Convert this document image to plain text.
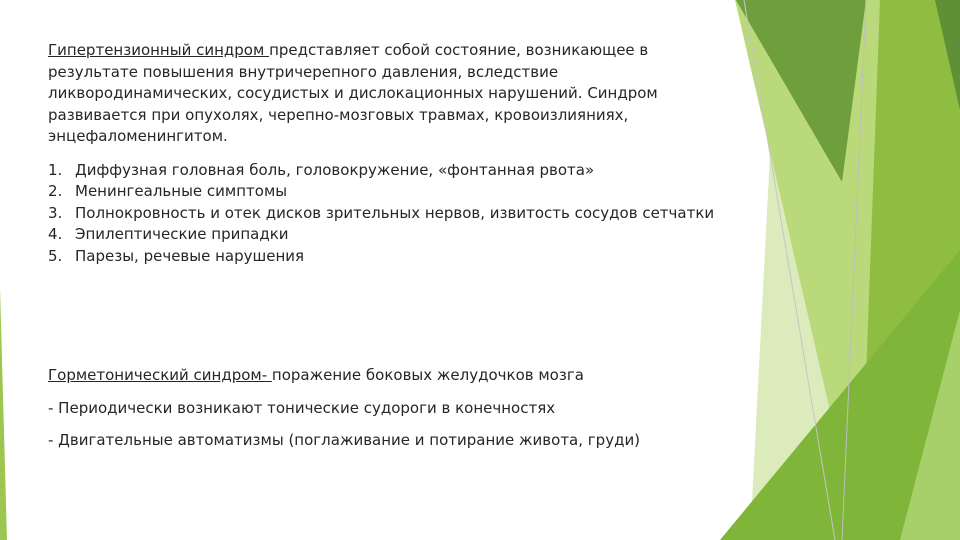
Гипертензионный синдром представляет собой состояние, возникающее в результате повышения внутричерепного давления, вследствие ликвородинамических, сосудистых и дислокационных нарушений. Синдром развивается при опухолях, черепно-мозговых травмах, кровоизлияниях, энцефаломенингитом.

1. Диффузная головная боль, головокружение, «фонтанная рвота»
2. Менингеальные симптомы
3. Полнокровность и отек дисков зрительных нервов, извитость сосудов сетчатки
4. Эпилептические припадки
5. Парезы, речевые нарушения

Горметонический синдром- поражение боковых желудочков мозга

- Периодически возникают тонические судороги в конечностях

- Двигательные автоматизмы (поглаживание и потирание живота, груди)
